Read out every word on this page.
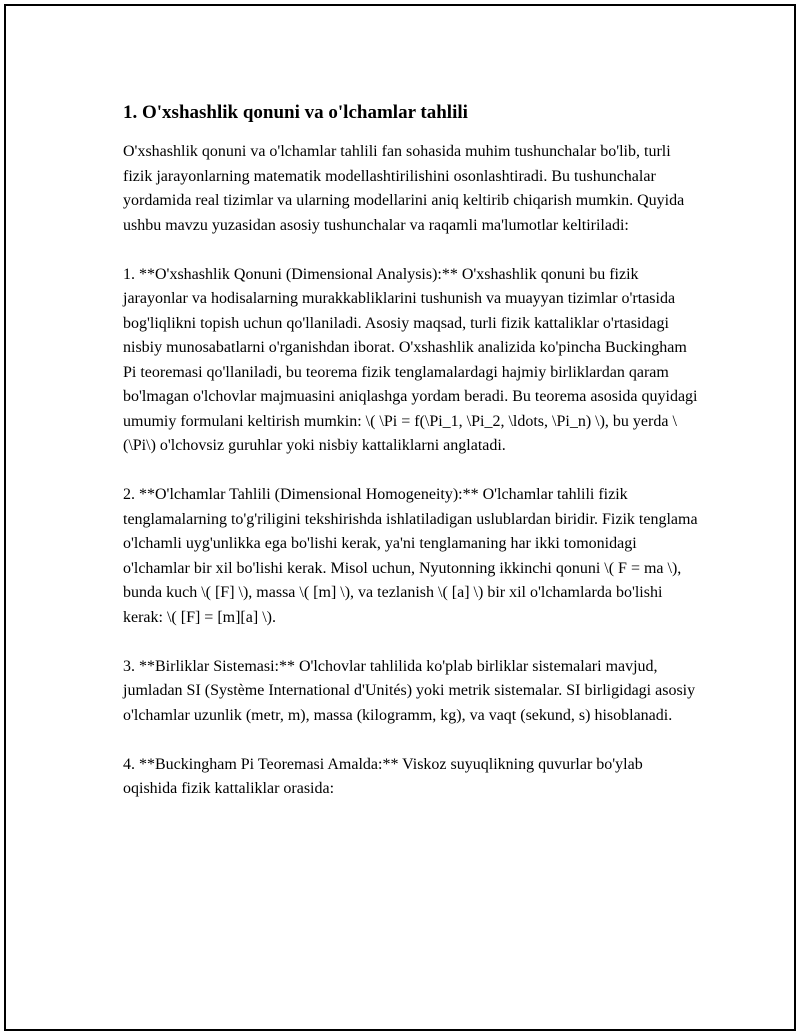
1. O'xshashlik qonuni va o'lchamlar tahlili

O'xshashlik qonuni va o'lchamlar tahlili fan sohasida muhim tushunchalar bo'lib, turli fizik jarayonlarning matematik modellashtirilishini osonlashtiradi. Bu tushunchalar yordamida real tizimlar va ularning modellarini aniq keltirib chiqarish mumkin. Quyida ushbu mavzu yuzasidan asosiy tushunchalar va raqamli ma'lumotlar keltiriladi:

1. **O'xshashlik Qonuni (Dimensional Analysis):** O'xshashlik qonuni bu fizik jarayonlar va hodisalarning murakkabliklarini tushunish va muayyan tizimlar o'rtasida bog'liqlikni topish uchun qo'llaniladi. Asosiy maqsad, turli fizik kattaliklar o'rtasidagi nisbiy munosabatlarni o'rganishdan iborat. O'xshashlik analizida ko'pincha Buckingham Pi teoremasi qo'llaniladi, bu teorema fizik tenglamalardagi hajmiy birliklardan qaram bo'lmagan o'lchovlar majmuasini aniqlashga yordam beradi. Bu teorema asosida quyidagi umumiy formulani keltirish mumkin: \( \Pi = f(\Pi_1, \Pi_2, \ldots, \Pi_n) \), bu yerda \(\Pi\) o'lchovsiz guruhlar yoki nisbiy kattaliklarni anglatadi.

2. **O'lchamlar Tahlili (Dimensional Homogeneity):** O'lchamlar tahlili fizik tenglamalarning to'g'riligini tekshirishda ishlatiladigan uslublardan biridir. Fizik tenglama o'lchamli uyg'unlikka ega bo'lishi kerak, ya'ni tenglamaning har ikki tomonidagi o'lchamlar bir xil bo'lishi kerak. Misol uchun, Nyutonning ikkinchi qonuni \( F = ma \), bunda kuch \( [F] \), massa \( [m] \), va tezlanish \( [a] \) bir xil o'lchamlarda bo'lishi kerak: \( [F] = [m][a] \).

3. **Birliklar Sistemasi:** O'lchovlar tahlilida ko'plab birliklar sistemalari mavjud, jumladan SI (Système International d'Unités) yoki metrik sistemalar. SI birligidagi asosiy o'lchamlar uzunlik (metr, m), massa (kilogramm, kg), va vaqt (sekund, s) hisoblanadi.

4. **Buckingham Pi Teoremasi Amalda:** Viskoz suyuqlikning quvurlar bo'ylab oqishida fizik kattaliklar orasida:
